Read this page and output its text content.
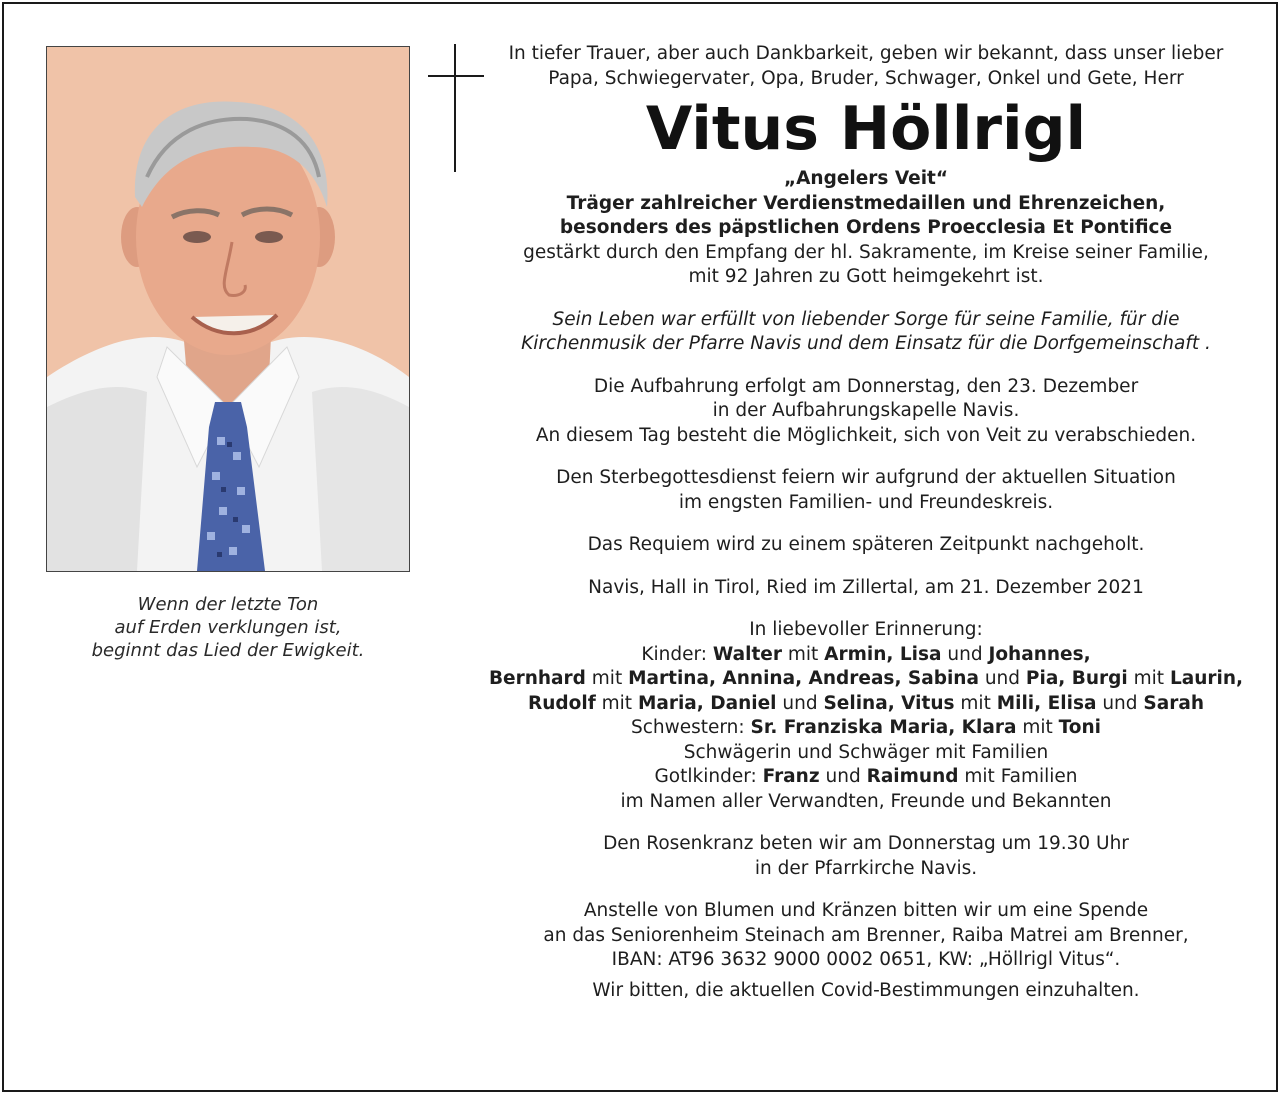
Wenn der letzte Ton
auf Erden verklungen ist,
beginnt das Lied der Ewigkeit.

In tiefer Trauer, aber auch Dankbarkeit, geben wir bekannt, dass unser lieber
Papa, Schwiegervater, Opa, Bruder, Schwager, Onkel und Gete, Herr

Vitus Höllrigl

„Angelers Veit“

Träger zahlreicher Verdienstmedaillen und Ehrenzeichen,
besonders des päpstlichen Ordens Proecclesia Et Pontifice

gestärkt durch den Empfang der hl. Sakramente, im Kreise seiner Familie,
mit 92 Jahren zu Gott heimgekehrt ist.

Sein Leben war erfüllt von liebender Sorge für seine Familie, für die
Kirchenmusik der Pfarre Navis und dem Einsatz für die Dorfgemeinschaft .

Die Aufbahrung erfolgt am Donnerstag, den 23. Dezember
in der Aufbahrungskapelle Navis.
An diesem Tag besteht die Möglichkeit, sich von Veit zu verabschieden.

Den Sterbegottesdienst feiern wir aufgrund der aktuellen Situation
im engsten Familien- und Freundeskreis.

Das Requiem wird zu einem späteren Zeitpunkt nachgeholt.

Navis, Hall in Tirol, Ried im Zillertal, am 21. Dezember 2021

In liebevoller Erinnerung:

Kinder: Walter mit Armin, Lisa und Johannes,
Bernhard mit Martina, Annina, Andreas, Sabina und Pia, Burgi mit Laurin,
Rudolf mit Maria, Daniel und Selina, Vitus mit Mili, Elisa und Sarah
Schwestern: Sr. Franziska Maria, Klara mit Toni
Schwägerin und Schwäger mit Familien
Gotlkinder: Franz und Raimund mit Familien
im Namen aller Verwandten, Freunde und Bekannten

Den Rosenkranz beten wir am Donnerstag um 19.30 Uhr
in der Pfarrkirche Navis.

Anstelle von Blumen und Kränzen bitten wir um eine Spende
an das Seniorenheim Steinach am Brenner, Raiba Matrei am Brenner,
IBAN: AT96 3632 9000 0002 0651, KW: „Höllrigl Vitus“.

Wir bitten, die aktuellen Covid-Bestimmungen einzuhalten.
